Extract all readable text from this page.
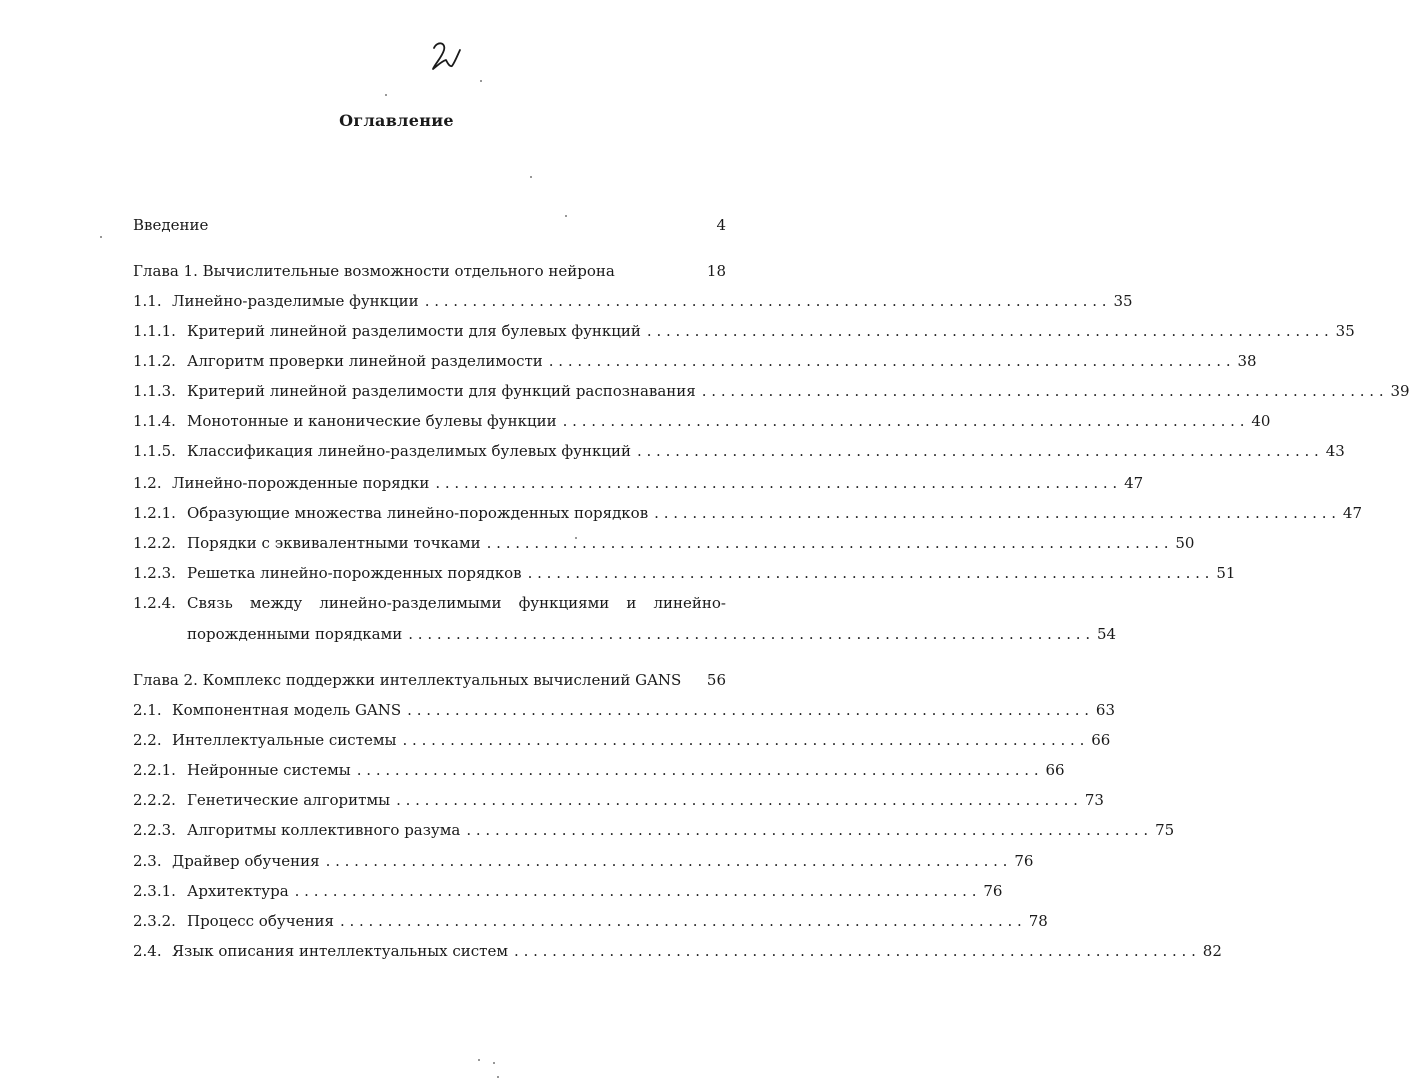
Оглавление
Введение	4
Глава 1. Вычислительные возможности отдельного нейрона	18
1.1. Линейно-разделимые функции . . .	35
1.1.1. Критерий линейной разделимости для булевых функций . . .	35
1.1.2. Алгоритм проверки линейной разделимости . . .	38
1.1.3. Критерий линейной разделимости для функций распознавания . . .	39
1.1.4. Монотонные и канонические булевы функции . . .	40
1.1.5. Классификация линейно-разделимых булевых функций . . .	43
1.2. Линейно-порожденные порядки . . .	47
1.2.1. Образующие множества линейно-порожденных порядков . . .	47
1.2.2. Порядки с эквивалентными точками . . .	50
1.2.3. Решетка линейно-порожденных порядков . . .	51
1.2.4. Связь между линейно-разделимыми функциями и линейно-
порожденными порядками . . .	54
Глава 2. Комплекс поддержки интеллектуальных вычислений GANS 56
2.1. Компонентная модель GANS . . .	63
2.2. Интеллектуальные системы . . .	66
2.2.1. Нейронные системы . . .	66
2.2.2. Генетические алгоритмы . . .	73
2.2.3. Алгоритмы коллективного разума . . .	75
2.3. Драйвер обучения . . .	76
2.3.1. Архитектура . . .	76
2.3.2. Процесс обучения . . .	78
2.4. Язык описания интеллектуальных систем . . .	82
